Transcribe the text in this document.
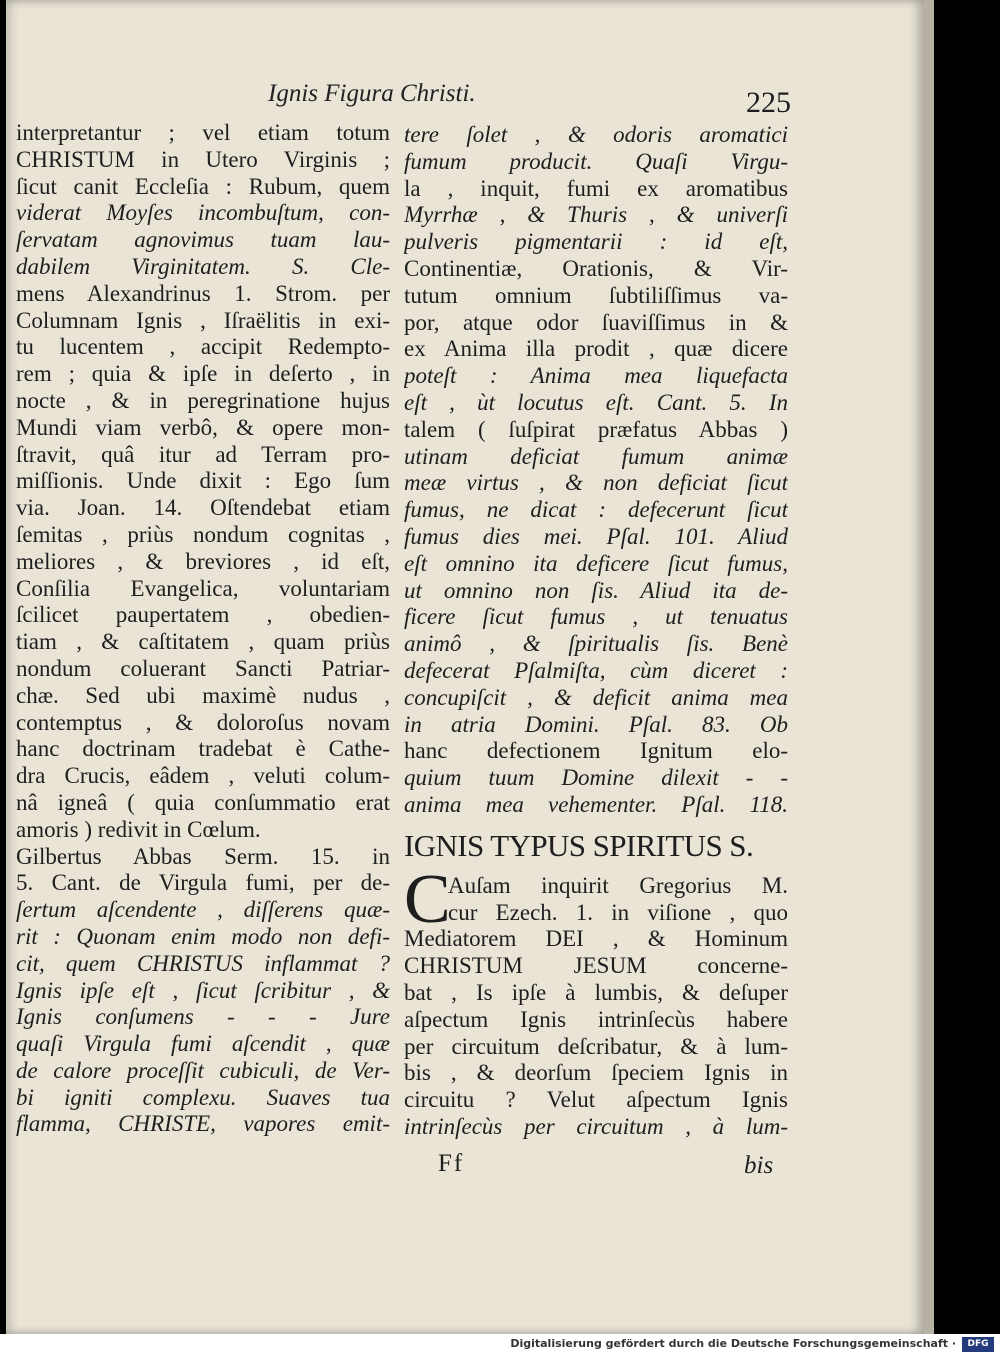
Ignis Figura Christi.	225
interpretantur ; vel etiam totum
CHRISTUM in Utero Virginis ;
ſicut canit Eccleſia : Rubum, quem
viderat Moyſes incombuſtum, con-
ſervatam agnovimus tuam lau-
dabilem Virginitatem. S. Cle-
mens Alexandrinus 1. Strom. per
Columnam Ignis , Iſraëlitis in exi-
tu lucentem , accipit Redempto-
rem ; quia & ipſe in deſerto , in
nocte , & in peregrinatione hujus
Mundi viam verbô, & opere mon-
ſtravit, quâ itur ad Terram pro-
miſſionis. Unde dixit : Ego ſum
via. Joan. 14. Oſtendebat etiam
ſemitas , priùs nondum cognitas ,
meliores , & breviores , id eſt,
Conſilia Evangelica, voluntariam
ſcilicet paupertatem , obedien-
tiam , & caſtitatem , quam priùs
nondum coluerant Sancti Patriar-
chæ. Sed ubi maximè nudus ,
contemptus , & doloroſus novam
hanc doctrinam tradebat è Cathe-
dra Crucis, eâdem , veluti colum-
nâ igneâ ( quia conſummatio erat
amoris ) redivit in Cœlum.
Gilbertus Abbas Serm. 15. in
5. Cant. de Virgula fumi, per de-
ſertum aſcendente , diſſerens quæ-
rit : Quonam enim modo non defi-
cit, quem CHRISTUS inflammat ?
Ignis ipſe eſt , ſicut ſcribitur , &
Ignis conſumens - - - Jure
quaſi Virgula fumi aſcendit , quæ
de calore proceſſit cubiculi, de Ver-
bi igniti complexu. Suaves tua
flamma, CHRISTE, vapores emit-
tere ſolet , & odoris aromatici
fumum producit. Quaſi Virgu-
la , inquit, fumi ex aromatibus
Myrrhæ , & Thuris , & univerſi
pulveris pigmentarii : id eſt,
Continentiæ, Orationis, & Vir-
tutum omnium ſubtiliſſimus va-
por, atque odor ſuaviſſimus in &
ex Anima illa prodit , quæ dicere
poteſt : Anima mea liquefacta
eſt , ùt locutus eſt. Cant. 5. In
talem ( ſuſpirat præfatus Abbas )
utinam deficiat fumum animæ
meæ virtus , & non deficiat ſicut
fumus, ne dicat : defecerunt ſicut
fumus dies mei. Pſal. 101. Aliud
eſt omnino ita deficere ſicut fumus,
ut omnino non ſis. Aliud ita de-
ficere ſicut fumus , ut tenuatus
animô , & ſpiritualis ſis. Benè
defecerat Pſalmiſta, cùm diceret :
concupiſcit , & deficit anima mea
in atria Domini. Pſal. 83. Ob
hanc defectionem Ignitum elo-
quium tuum Domine dilexit - -
anima mea vehementer. Pſal. 118.
IGNIS TYPUS SPIRITUS S.
C
Auſam inquirit Gregorius M.
cur Ezech. 1. in viſione , quo
Mediatorem DEI , & Hominum
CHRISTUM JESUM concerne-
bat , Is ipſe à lumbis, & deſuper
aſpectum Ignis intrinſecùs habere
per circuitum deſcribatur, & à lum-
bis , & deorſum ſpeciem Ignis in
circuitu ? Velut aſpectum Ignis
intrinſecùs per circuitum , à lum-
Ff	bis
Digitalisierung gefördert durch die Deutsche Forschungsgemeinschaft ·	DFG
